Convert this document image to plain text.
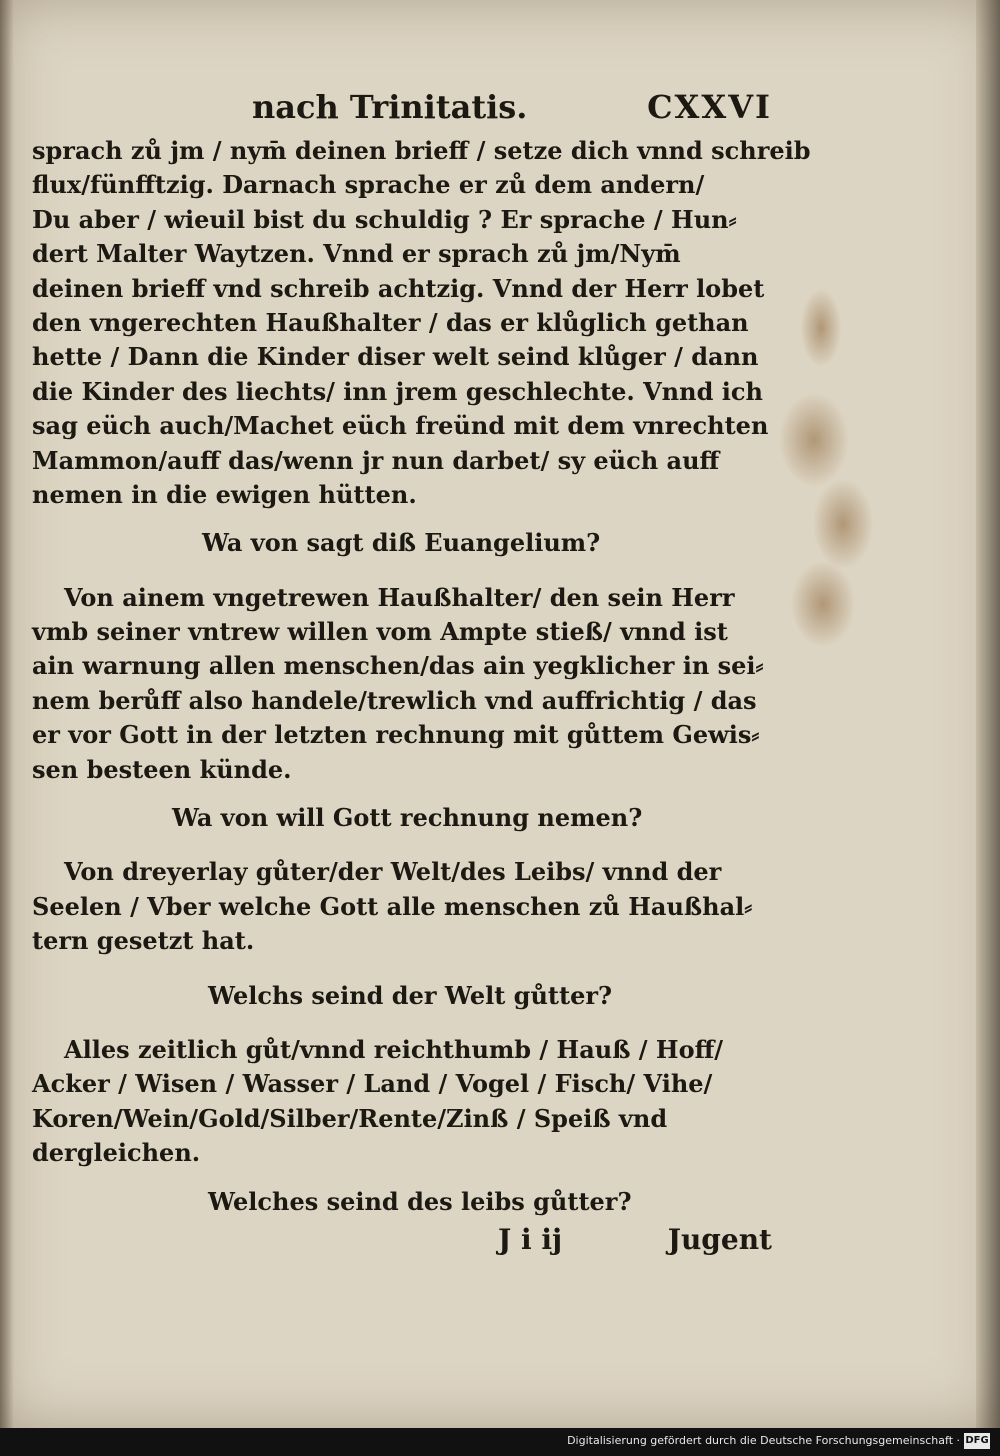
nach Trinitatis.	CXXVI
sprach zů jm / nym̄ deinen brieff / setze dich vnnd schreib
flux/fünfftzig. Darnach sprache er zů dem andern/
Du aber / wieuil bist du schuldig ? Er sprache / Hun⸗
dert Malter Waytzen. Vnnd er sprach zů jm/Nym̄
deinen brieff vnd schreib achtzig. Vnnd der Herr lobet
den vngerechten Haußhalter / das er klůglich gethan
hette / Dann die Kinder diser welt seind klůger / dann
die Kinder des liechts/ inn jrem geschlechte. Vnnd ich
sag eüch auch/Machet eüch freünd mit dem vnrechten
Mammon/auff das/wenn jr nun darbet/ sy eüch auff
nemen in die ewigen hütten.
Wa von sagt diß Euangelium?
Von ainem vngetrewen Haußhalter/ den sein Herr
vmb seiner vntrew willen vom Ampte stieß/ vnnd ist
ain warnung allen menschen/das ain yegklicher in sei⸗
nem berůff also handele/trewlich vnd auffrichtig / das
er vor Gott in der letzten rechnung mit gůttem Gewis⸗
sen besteen künde.
Wa von will Gott rechnung nemen?
Von dreyerlay gůter/der Welt/des Leibs/ vnnd der
Seelen / Vber welche Gott alle menschen zů Haußhal⸗
tern gesetzt hat.
Welchs seind der Welt gůtter?
Alles zeitlich gůt/vnnd reichthumb / Hauß / Hoff/
Acker / Wisen / Wasser / Land / Vogel / Fisch/ Vihe/
Koren/Wein/Gold/Silber/Rente/Zinß / Speiß vnd
dergleichen.
Welches seind des leibs gůtter?
J i ij	Jugent
Digitalisierung gefördert durch die Deutsche Forschungsgemeinschaft · DFG
